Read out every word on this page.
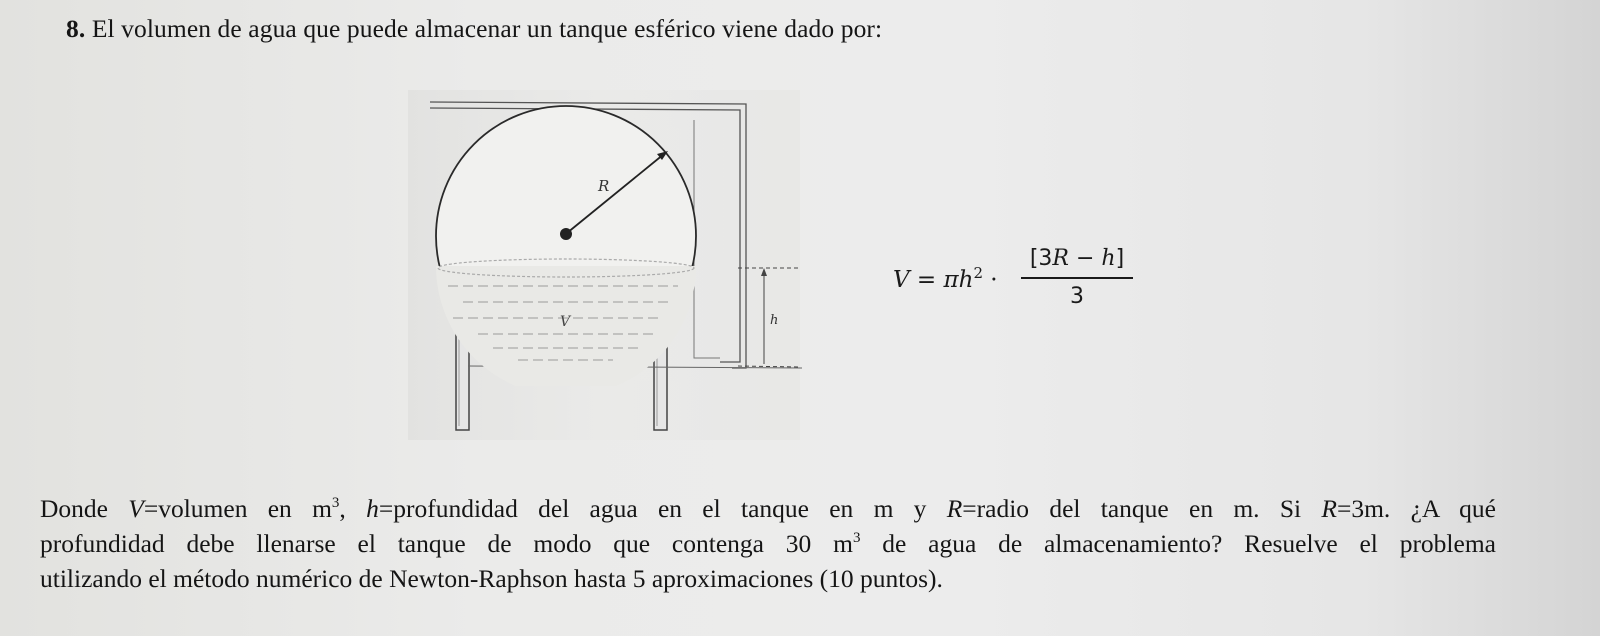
8. El volumen de agua que puede almacenar un tanque esférico viene dado por:
R
V	h
$V = \pi h^2$ ·
[3R − h]
3
Donde V=volumen en $m^3$, h=profundidad del agua en el tanque en m y R=radio del tanque en m. Si R=3m. ¿A qué
profundidad debe llenarse el tanque de modo que contenga 30 $m^3$ de agua de almacenamiento? Resuelve el problema
utilizando el método numérico de Newton-Raphson hasta 5 aproximaciones (10 puntos).
